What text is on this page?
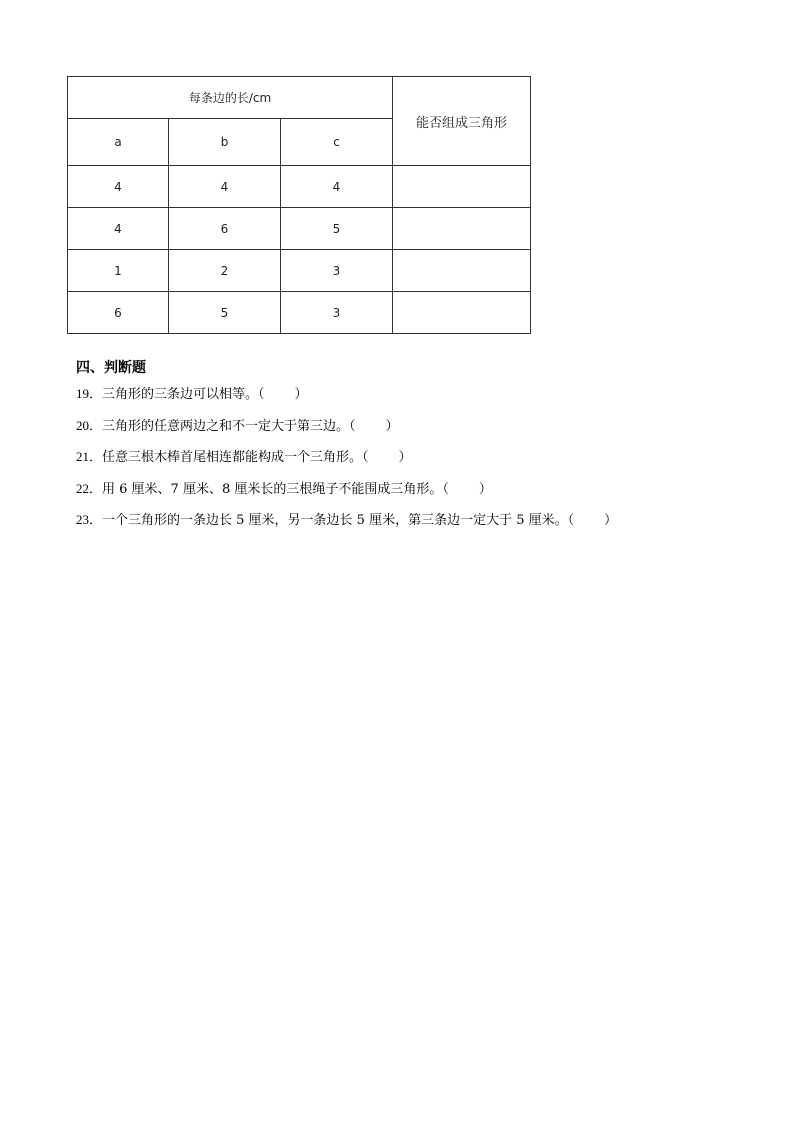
每条边的长/cm			能否组成三角形
a	b	c	
4	4	4	
4	6	5	
1	2	3	
6	5	3	
四、判断题
19．三角形的三条边可以相等。（ ）
20．三角形的任意两边之和不一定大于第三边。（ ）
21．任意三根木棒首尾相连都能构成一个三角形。（ ）
22．用 6 厘米、7 厘米、8 厘米长的三根绳子不能围成三角形。（ ）
23．一个三角形的一条边长 5 厘米，另一条边长 5 厘米，第三条边一定大于 5 厘米。（ ）
